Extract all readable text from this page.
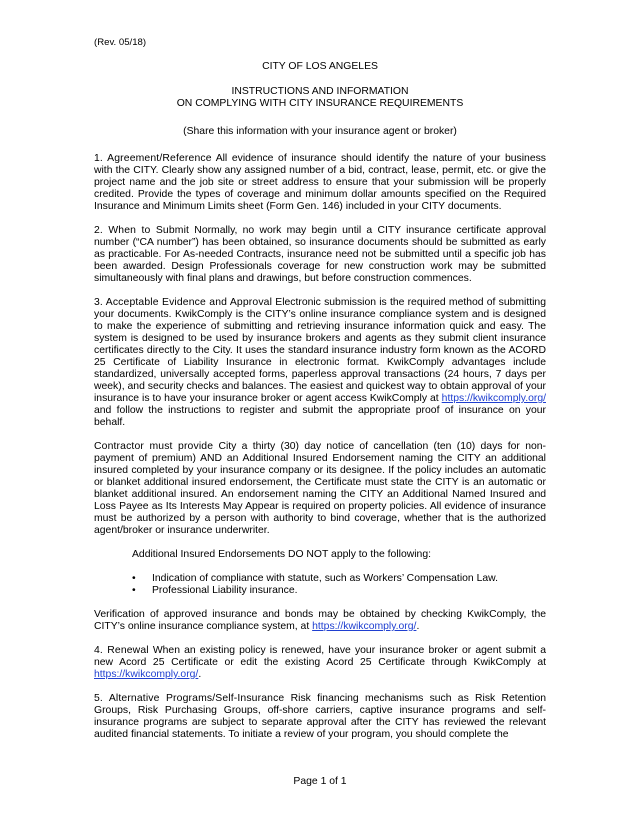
(Rev. 05/18)
CITY OF LOS ANGELES
INSTRUCTIONS AND INFORMATION
ON COMPLYING WITH CITY INSURANCE REQUIREMENTS
(Share this information with your insurance agent or broker)

1. Agreement/Reference All evidence of insurance should identify the nature of your business with the CITY. Clearly show any assigned number of a bid, contract, lease, permit, etc. or give the project name and the job site or street address to ensure that your submission will be properly credited. Provide the types of coverage and minimum dollar amounts specified on the Required Insurance and Minimum Limits sheet (Form Gen. 146) included in your CITY documents.

2. When to Submit Normally, no work may begin until a CITY insurance certificate approval number (“CA number”) has been obtained, so insurance documents should be submitted as early as practicable. For As-needed Contracts, insurance need not be submitted until a specific job has been awarded. Design Professionals coverage for new construction work may be submitted simultaneously with final plans and drawings, but before construction commences.

3. Acceptable Evidence and Approval Electronic submission is the required method of submitting your documents. KwikComply is the CITY’s online insurance compliance system and is designed to make the experience of submitting and retrieving insurance information quick and easy. The system is designed to be used by insurance brokers and agents as they submit client insurance certificates directly to the City. It uses the standard insurance industry form known as the ACORD 25 Certificate of Liability Insurance in electronic format. KwikComply advantages include standardized, universally accepted forms, paperless approval transactions (24 hours, 7 days per week), and security checks and balances. The easiest and quickest way to obtain approval of your insurance is to have your insurance broker or agent access KwikComply at https://kwikcomply.org/ and follow the instructions to register and submit the appropriate proof of insurance on your behalf.

Contractor must provide City a thirty (30) day notice of cancellation (ten (10) days for non-payment of premium) AND an Additional Insured Endorsement naming the CITY an additional insured completed by your insurance company or its designee. If the policy includes an automatic or blanket additional insured endorsement, the Certificate must state the CITY is an automatic or blanket additional insured. An endorsement naming the CITY an Additional Named Insured and Loss Payee as Its Interests May Appear is required on property policies. All evidence of insurance must be authorized by a person with authority to bind coverage, whether that is the authorized agent/broker or insurance underwriter.

Additional Insured Endorsements DO NOT apply to the following:

• Indication of compliance with statute, such as Workers’ Compensation Law.
• Professional Liability insurance.

Verification of approved insurance and bonds may be obtained by checking KwikComply, the CITY’s online insurance compliance system, at https://kwikcomply.org/.

4. Renewal When an existing policy is renewed, have your insurance broker or agent submit a new Acord 25 Certificate or edit the existing Acord 25 Certificate through KwikComply at https://kwikcomply.org/.

5. Alternative Programs/Self-Insurance Risk financing mechanisms such as Risk Retention Groups, Risk Purchasing Groups, off-shore carriers, captive insurance programs and self-insurance programs are subject to separate approval after the CITY has reviewed the relevant audited financial statements. To initiate a review of your program, you should complete the

Page 1 of 1
